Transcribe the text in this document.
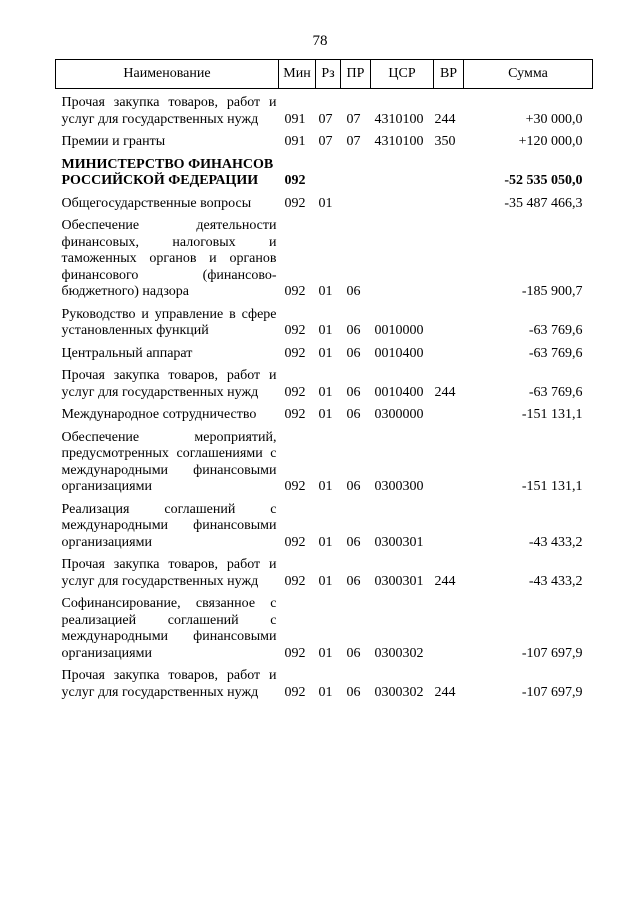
78
Наименование	Мин	Рз	ПР	ЦСР	ВР	Сумма
Прочая закупка товаров, работ и услуг для государственных нужд	091	07	07	4310100	244	+30 000,0
Премии и гранты	091	07	07	4310100	350	+120 000,0
МИНИСТЕРСТВО ФИНАНСОВ РОССИЙСКОЙ ФЕДЕРАЦИИ	092					-52 535 050,0
Общегосударственные вопросы	092	01				-35 487 466,3
Обеспечение деятельности финансовых, налоговых и таможенных органов и органов финансового (финансово-бюджетного) надзора	092	01	06			-185 900,7
Руководство и управление в сфере установленных функций	092	01	06	0010000		-63 769,6
Центральный аппарат	092	01	06	0010400		-63 769,6
Прочая закупка товаров, работ и услуг для государственных нужд	092	01	06	0010400	244	-63 769,6
Международное сотрудничество	092	01	06	0300000		-151 131,1
Обеспечение мероприятий, предусмотренных соглашениями с международными финансовыми организациями	092	01	06	0300300		-151 131,1
Реализация соглашений с международными финансовыми организациями	092	01	06	0300301		-43 433,2
Прочая закупка товаров, работ и услуг для государственных нужд	092	01	06	0300301	244	-43 433,2
Софинансирование, связанное с реализацией соглашений с международными финансовыми организациями	092	01	06	0300302		-107 697,9
Прочая закупка товаров, работ и услуг для государственных нужд	092	01	06	0300302	244	-107 697,9
